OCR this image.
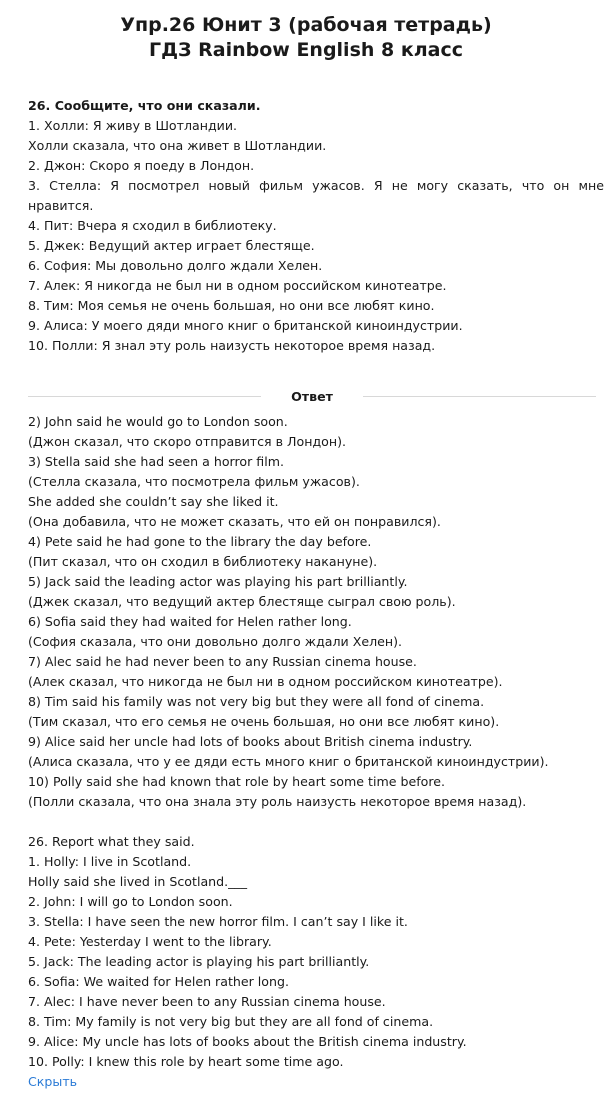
Упр.26 Юнит 3 (рабочая тетрадь)
ГДЗ Rainbow English 8 класс
26. Сообщите, что они сказали.
1. Холли: Я живу в Шотландии.
Холли сказала, что она живет в Шотландии.
2. Джон: Скоро я поеду в Лондон.
3. Стелла: Я посмотрел новый фильм ужасов. Я не могу сказать, что он мне нравится.
4. Пит: Вчера я сходил в библиотеку.
5. Джек: Ведущий актер играет блестяще.
6. София: Мы довольно долго ждали Хелен.
7. Алек: Я никогда не был ни в одном российском кинотеатре.
8. Тим: Моя семья не очень большая, но они все любят кино.
9. Алиса: У моего дяди много книг о британской киноиндустрии.
10. Полли: Я знал эту роль наизусть некоторое время назад.
Ответ
2) John said he would go to London soon.
(Джон сказал, что скоро отправится в Лондон).
3) Stella said she had seen a horror film.
(Стелла сказала, что посмотрела фильм ужасов).
She added she couldn’t say she liked it.
(Она добавила, что не может сказать, что ей он понравился).
4) Pete said he had gone to the library the day before.
(Пит сказал, что он сходил в библиотеку накануне).
5) Jack said the leading actor was playing his part brilliantly.
(Джек сказал, что ведущий актер блестяще сыграл свою роль).
6) Sofia said they had waited for Helen rather long.
(София сказала, что они довольно долго ждали Хелен).
7) Alec said he had never been to any Russian cinema house.
(Алек сказал, что никогда не был ни в одном российском кинотеатре).
8) Tim said his family was not very big but they were all fond of cinema.
(Тим сказал, что его семья не очень большая, но они все любят кино).
9) Alice said her uncle had lots of books about British cinema industry.
(Алиса сказала, что у ее дяди есть много книг о британской киноиндустрии).
10) Polly said she had known that role by heart some time before.
(Полли сказала, что она знала эту роль наизусть некоторое время назад).
26. Report what they said.
1. Holly: I live in Scotland.
Holly said she lived in Scotland.___
2. John: I will go to London soon.
3. Stella: I have seen the new horror film. I can’t say I like it.
4. Pete: Yesterday I went to the library.
5. Jack: The leading actor is playing his part brilliantly.
6. Sofia: We waited for Helen rather long.
7. Alec: I have never been to any Russian cinema house.
8. Tim: My family is not very big but they are all fond of cinema.
9. Alice: My uncle has lots of books about the British cinema industry.
10. Polly: I knew this role by heart some time ago.
Скрыть
